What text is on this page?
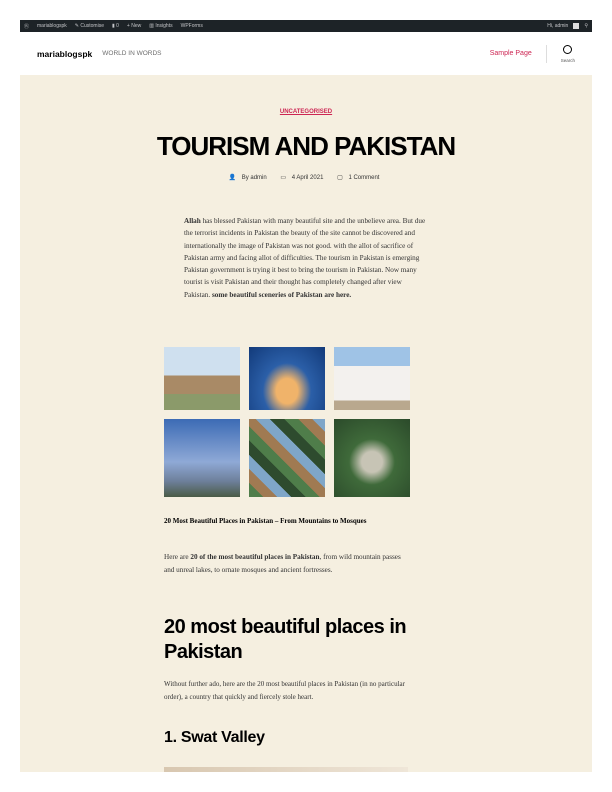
Ⓦ mariablogspk ✎ Customise ▮ 0 + New ▥ Insights WPForms	Hi, admin	⚲
mariablogspk WORLD IN WORDS	Sample Page
Search
UNCATEGORISED
TOURISM AND PAKISTAN
👤 By admin ▭ 4 April 2021 ▢ 1 Comment

Allah has blessed Pakistan with many beautiful site and the unbelieve area. But due the terrorist incidents in Pakistan the beauty of the site cannot be discovered and internationally the image of Pakistan was not good. with the allot of sacrifice of Pakistan army and facing allot of difficulties. The tourism in Pakistan is emerging Pakistan government is trying it best to bring the tourism in Pakistan. Now many tourist is visit Pakistan and their thought has completely changed after view Pakistan. some beautiful sceneries of Pakistan are here.

20 Most Beautiful Places in Pakistan – From Mountains to Mosques

Here are 20 of the most beautiful places in Pakistan, from wild mountain passes and unreal lakes, to ornate mosques and ancient fortresses.

20 most beautiful places in Pakistan

Without further ado, here are the 20 most beautiful places in Pakistan (in no particular order), a country that quickly and fiercely stole heart.

1. Swat Valley
